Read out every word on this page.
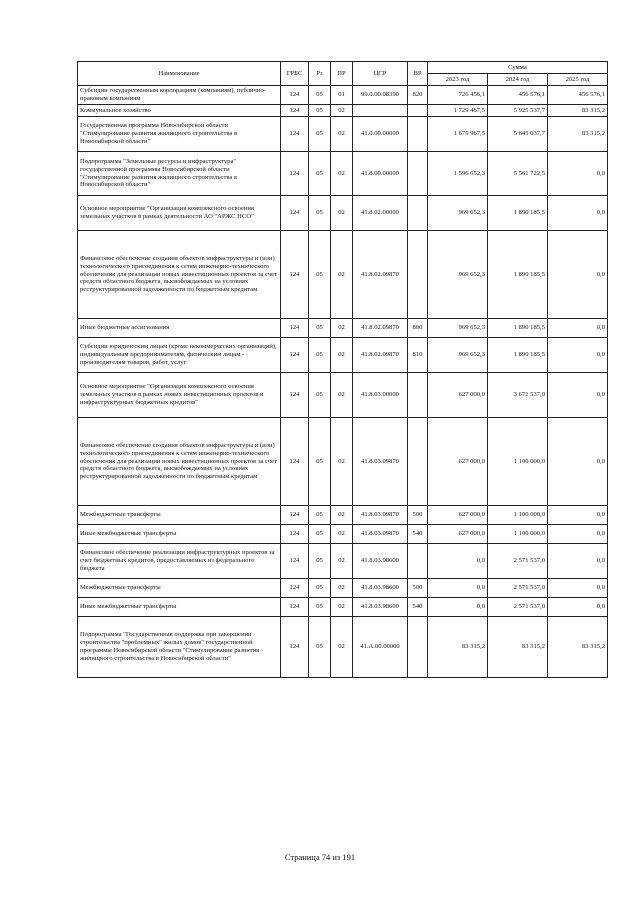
Наименование	ГРБС	Рз	ПР	ЦСР	ВР	Сумма		
						2023 год	2024 год	2025 год
Субсидии государственным корпорациям (компаниям), публично-правовым компаниям	124	05	01	99.0.00.08390	820	726 456,1	456 576,1	456 576,1
Коммунальное хозяйство	124	05	02			1 729 467,5	5 925 537,7	83 315,2
Государственная программа Новосибирской области "Стимулирование развития жилищного строительства в Новосибирской области"	124	05	02	41.0.00.00000		1 679 967,5	5 645 037,7	83 315,2
Подпрограмма "Земельные ресурсы и инфраструктура" государственной программы Новосибирской области "Стимулирование развития жилищного строительства в Новосибирской области"	124	05	02	41.8.00.00000		1 596 652,3	5 561 722,5	0,0
Основное мероприятие "Организация комплексного освоения земельных участков в рамках деятельности АО "АРЖС НСО"	124	05	02	41.8.02.00000		969 652,3	1 890 185,5	0,0
Финансовое обеспечение создания объектов инфраструктуры и (или) технологического присоединения к сетям инженерно-технического обеспечения для реализации новых инвестиционных проектов за счет средств областного бюджета, высвобождаемых на условиях реструктурированной задолженности по бюджетным кредитам	124	05	02	41.8.02.09870		969 652,3	1 890 185,5	0,0
Иные бюджетные ассигнования	124	05	02	41.8.02.09870	800	969 652,3	1 890 185,5	0,0
Субсидии юридическим лицам (кроме некоммерческих организаций), индивидуальным предпринимателям, физическим лицам - производителям товаров, работ, услуг	124	05	02	41.8.02.09870	810	969 652,3	1 890 185,5	0,0
Основное мероприятие "Организация комплексного освоения земельных участков в рамках новых инвестиционных проектов и инфраструктурных бюджетных кредитов"	124	05	02	41.8.03.00000		627 000,0	3 671 537,0	0,0
Финансовое обеспечение создания объектов инфраструктуры и (или) технологического присоединения к сетям инженерно-технического обеспечения для реализации новых инвестиционных проектов за счет средств областного бюджета, высвобождаемых на условиях реструктурированной задолженности по бюджетным кредитам	124	05	02	41.8.03.09870		627 000,0	1 100 000,0	0,0
Межбюджетные трансферты	124	05	02	41.8.03.09870	500	627 000,0	1 100 000,0	0,0
Иные межбюджетные трансферты	124	05	02	41.8.03.09870	540	627 000,0	1 100 000,0	0,0
Финансовое обеспечение реализации инфраструктурных проектов за счет бюджетных кредитов, предоставляемых из федерального бюджета	124	05	02	41.8.03.98600		0,0	2 571 537,0	0,0
Межбюджетные трансферты	124	05	02	41.8.03.98600	500	0,0	2 571 537,0	0,0
Иные межбюджетные трансферты	124	05	02	41.8.03.98600	540	0,0	2 571 537,0	0,0
Подпрограмма "Государственная поддержка при завершении строительства "проблемных" жилых домов" государственной программы Новосибирской области "Стимулирование развития жилищного строительства в Новосибирской области"	124	05	02	41.A.00.00000		83 315,2	83 315,2	83 315,2
Страница 74 из 191
